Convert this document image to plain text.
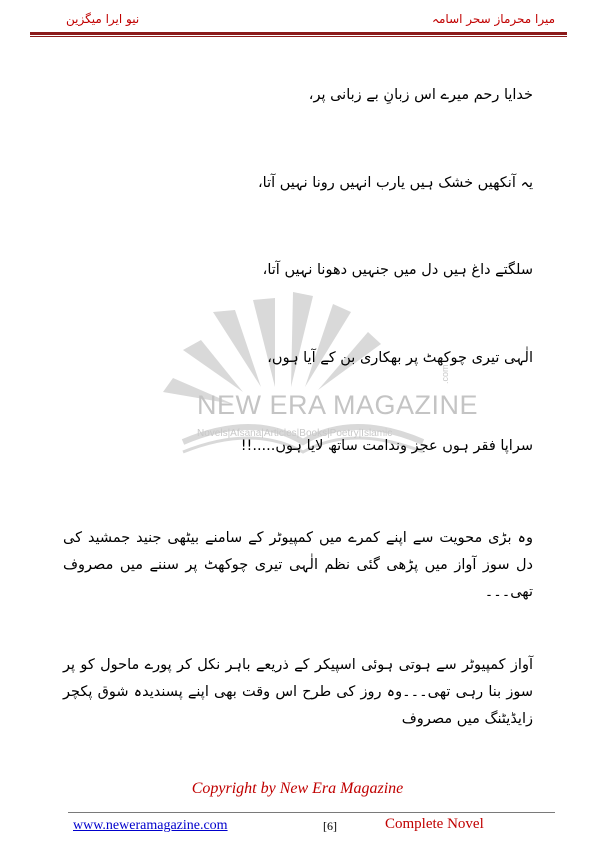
میرا محرماز سحر اسامہ
نیو ایرا میگزین
NEW ERA MAGAZINE
Novels|Afsana|Articles|Books|Poetry|Islamic
.com
خدایا رحم میرے اس زبانِ بے زبانی پر،
یہ آنکھیں خشک ہیں یارب انہیں رونا نہیں آتا،
سلگتے داغ ہیں دل میں جنہیں دھونا نہیں آتا،
الٰہی تیری چوکھٹ پر بھکاری بن کے آیا ہوں،
سراپا فقر ہوں عجز وندامت ساتھ لایا ہوں.....!!
وہ بڑی محویت سے اپنے کمرے میں کمپیوٹر کے سامنے بیٹھی جنید جمشید کی دل سوز آواز میں پڑھی گئی نظم الٰہی تیری چوکھٹ پر سننے میں مصروف تھی۔۔۔
آواز کمپیوٹر سے ہوتی ہوئی اسپیکر کے ذریعے باہر نکل کر پورے ماحول کو پر سوز بنا رہی تھی۔۔۔وہ روز کی طرح اس وقت بھی اپنے پسندیدہ شوق پکچر زایڈیٹنگ میں مصروف
Copyright by New Era Magazine
www.neweramagazine.com	[6]	Complete Novel
